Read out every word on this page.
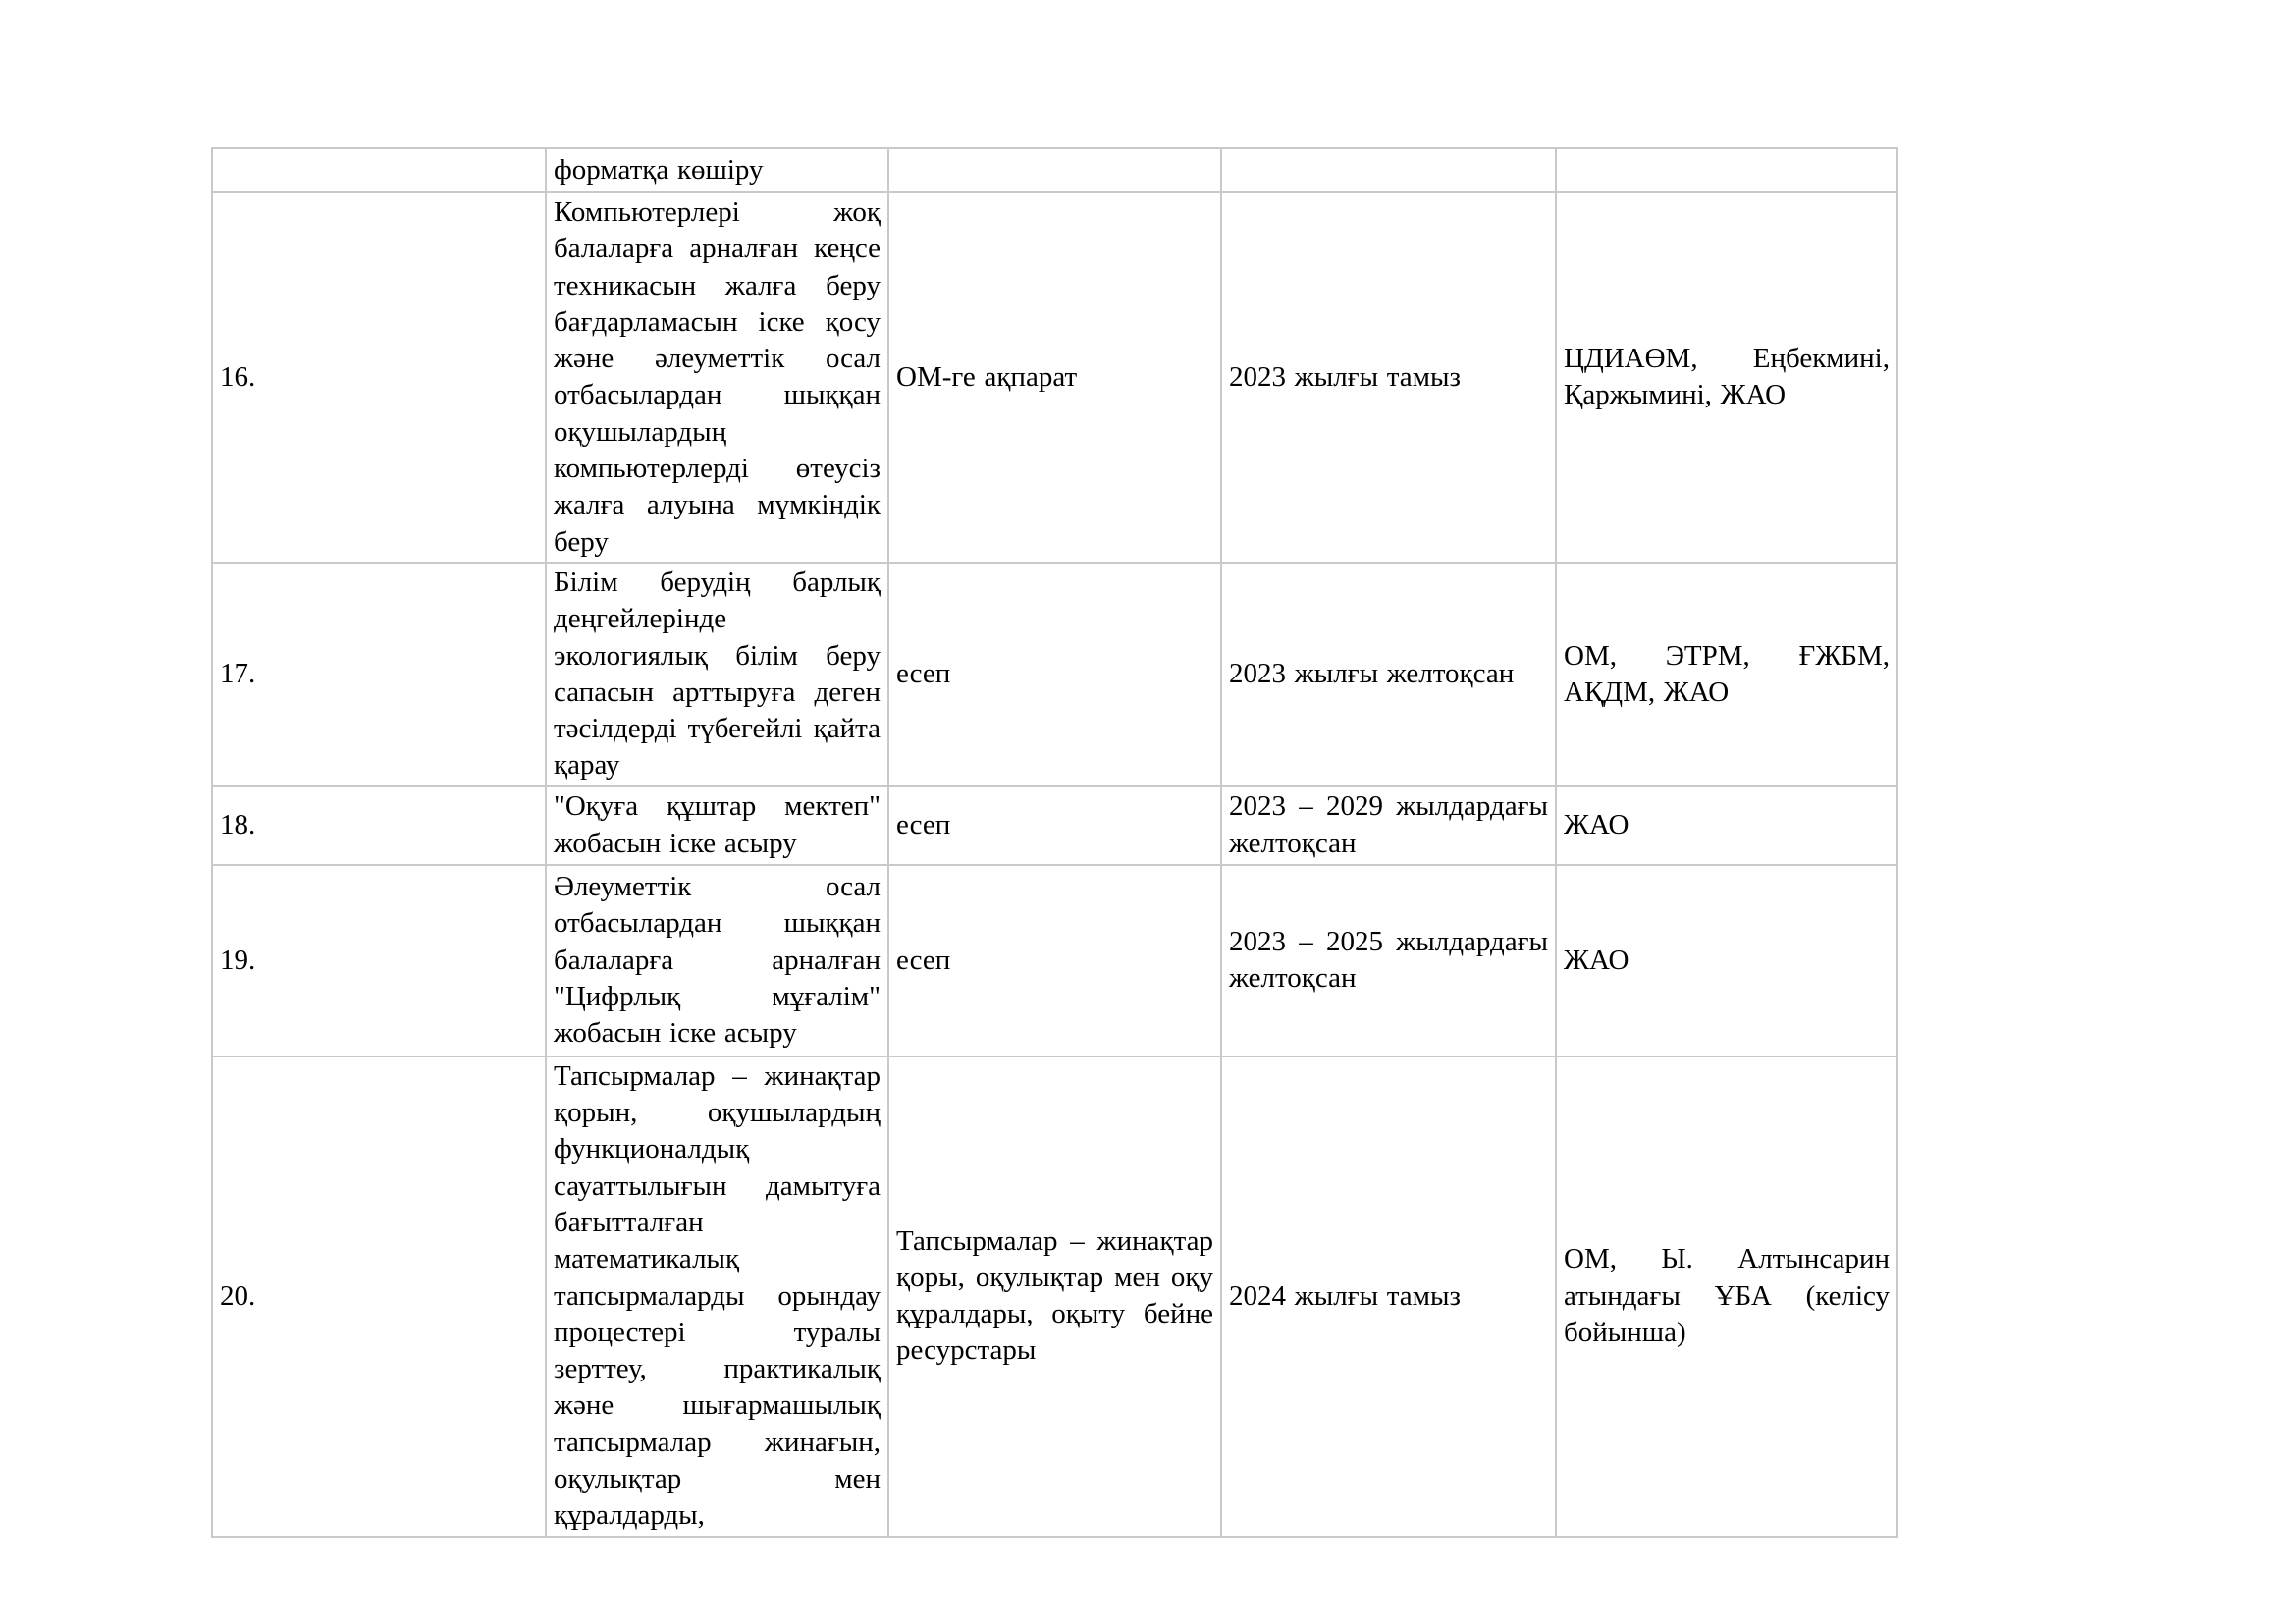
	форматқа көшіру			

16.	Компьютерлері жоқ балаларға арналған кеңсе техникасын жалға беру бағдарламасын іске қосу және әлеуметтік осал отбасылардан шыққан оқушылардың компьютерлерді өтеусіз жалға алуына мүмкіндік беру	ОМ-ге ақпарат	2023 жылғы тамыз	ЦДИАӨМ, Еңбекмині, Қаржымині, ЖАО

17.	Білім берудің барлық деңгейлерінде экологиялық білім беру сапасын арттыруға деген тәсілдерді түбегейлі қайта қарау	есеп	2023 жылғы желтоқсан	ОМ, ЭТРМ, ҒЖБМ, АҚДМ, ЖАО

18.	"Оқуға құштар мектеп" жобасын іске асыру	есеп	2023 – 2029 жылдардағы желтоқсан	ЖАО

19.	Әлеуметтік осал отбасылардан шыққан балаларға арналған "Цифрлық мұғалім" жобасын іске асыру	есеп	2023 – 2025 жылдардағы желтоқсан	ЖАО

20.	Тапсырмалар – жинақтар қорын, оқушылардың функционалдық сауаттылығын дамытуға бағытталған математикалық тапсырмаларды орындау процестері туралы зерттеу, практикалық және шығармашылық тапсырмалар жинағын, оқулықтар мен құралдарды,	Тапсырмалар – жинақтар қоры, оқулықтар мен оқу құралдары, оқыту бейне ресурстары	2024 жылғы тамыз	ОМ, Ы. Алтынсарин атындағы ҰБА (келісу бойынша)
